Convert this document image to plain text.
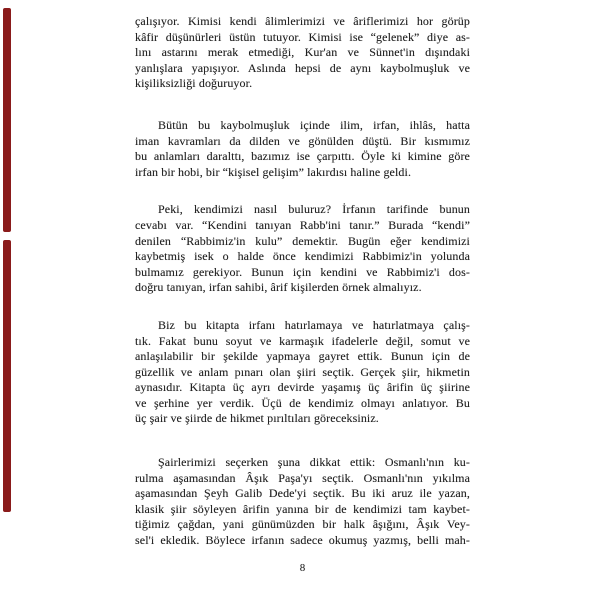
çalışıyor. Kimisi kendi âlimlerimizi ve âriflerimizi hor görüp
kâfir düşünürleri üstün tutuyor. Kimisi ise “gelenek” diye as-
lını astarını merak etmediği, Kur'an ve Sünnet'in dışındaki
yanlışlara yapışıyor. Aslında hepsi de aynı kaybolmuşluk ve
kişiliksizliği doğuruyor.
Bütün bu kaybolmuşluk içinde ilim, irfan, ihlâs, hatta
iman kavramları da dilden ve gönülden düştü. Bir kısmımız
bu anlamları daralttı, bazımız ise çarpıttı. Öyle ki kimine göre
irfan bir hobi, bir “kişisel gelişim” lakırdısı haline geldi.
Peki, kendimizi nasıl buluruz? İrfanın tarifinde bunun
cevabı var. “Kendini tanıyan Rabb'ini tanır.” Burada “kendi”
denilen “Rabbimiz'in kulu” demektir. Bugün eğer kendimizi
kaybetmiş isek o halde önce kendimizi Rabbimiz'in yolunda
bulmamız gerekiyor. Bunun için kendini ve Rabbimiz'i dos-
doğru tanıyan, irfan sahibi, ârif kişilerden örnek almalıyız.
Biz bu kitapta irfanı hatırlamaya ve hatırlatmaya çalış-
tık. Fakat bunu soyut ve karmaşık ifadelerle değil, somut ve
anlaşılabilir bir şekilde yapmaya gayret ettik. Bunun için de
güzellik ve anlam pınarı olan şiiri seçtik. Gerçek şiir, hikmetin
aynasıdır. Kitapta üç ayrı devirde yaşamış üç ârifin üç şiirine
ve şerhine yer verdik. Üçü de kendimiz olmayı anlatıyor. Bu
üç şair ve şiirde de hikmet pırıltıları göreceksiniz.
Şairlerimizi seçerken şuna dikkat ettik: Osmanlı'nın ku-
rulma aşamasından Âşık Paşa'yı seçtik. Osmanlı'nın yıkılma
aşamasından Şeyh Galib Dede'yi seçtik. Bu iki aruz ile yazan,
klasik şiir söyleyen ârifin yanına bir de kendimizi tam kaybet-
tiğimiz çağdan, yani günümüzden bir halk âşığını, Âşık Vey-
sel'i ekledik. Böylece irfanın sadece okumuş yazmış, belli mah-
8
